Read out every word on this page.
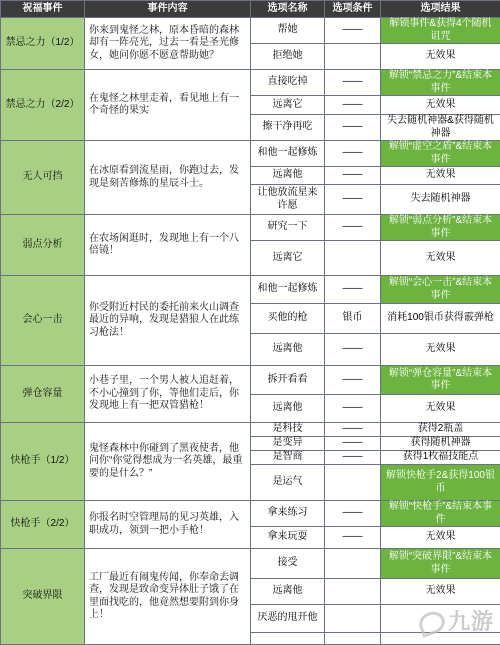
祝福事件	事件内容	选项名称	选项条件	选项结果
禁忌之力（1/2）	你来到鬼怪之林，原本昏暗的森林却有一阵亮光，过去一看是圣光修女，她问你愿不愿意帮助她？	帮她	——	解锁事件&获得4个随机诅咒
		拒绝她		无效果
禁忌之力（2/2）	在鬼怪之林里走着，看见地上有一个奇怪的果实	直接吃掉	——	解锁“禁忌之力”&结束本事件
		远离它	——	无效果
		擦干净再吃	——	失去随机神器&获得随机神器
无人可挡	在冰原看到流星雨，你跑过去，发现是刻苦修炼的星辰斗士。	和他一起修炼	——	解锁“虚空之盾”&结束本事件
		远离他	——	无效果
		让他放流星来许愿	——	失去随机神器
弱点分析	在农场闲逛时，发现地上有一个八倍镜！	研究一下	——	解锁“弱点分析”&结束本事件
		远离它		无效果
会心一击	你受附近村民的委托前来火山调查最近的异响，发现是猎狼人在此练习枪法！	和他一起修炼	——	解锁“会心一击”&结束本事件
		买他的枪	银币	消耗100银币获得霰弹枪
		远离他	——	无效果
弹仓容量	小巷子里，一个男人被人追赶着，不小心撞到了你，等他们走后，你发现地上有一把双管猎枪！	拆开看看	——	解锁“弹仓容量”&结束本事件
		远离他	——	无效果
快枪手（1/2）	鬼怪森林中你碰到了黑夜使者，他问你“你觉得想成为一名英雄，最重要的是什么？”	是科技	——	获得2瓶盖
		是变异	——	获得随机神器
		是智商	——	获得1枚福技能点
		是运气		解锁快枪手2&获得100银币
快枪手（2/2）	你报名时空管理局的见习英雄，入职成功，领到一把小手枪！	拿来练习	——	解锁“快枪手”&结束本事件
		拿来玩耍	——	无效果
突破界限	工厂最近有闹鬼传闻，你奉命去调查，发现是致命变异体肚子饿了在里面找吃的，他竟然想要附到你身上！	接受		解锁“突破界限”&结束本事件
		远离他		无效果
		厌恶的甩开他		
			九游
